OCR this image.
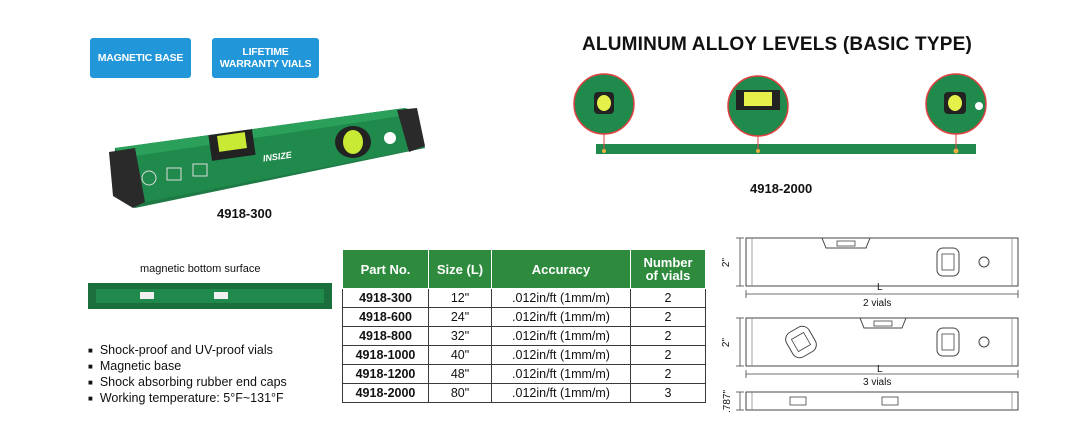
MAGNETIC BASE	LIFETIME
WARRANTY VIALS
ALUMINUM ALLOY LEVELS (BASIC TYPE)
INSIZE
4918-300
4918-2000
magnetic bottom surface	Part No.	Size (L)	Accuracy	Number
of vials

4918-300	12"	.012in/ft (1mm/m)	2
4918-600	24"	.012in/ft (1mm/m)	2
4918-800	32"	.012in/ft (1mm/m)	2
4918-1000	40"	.012in/ft (1mm/m)	2
4918-1200	48"	.012in/ft (1mm/m)	2
4918-2000	80"	.012in/ft (1mm/m)	3
■ Shock-proof and UV-proof vials
■ Magnetic base
■ Shock absorbing rubber end caps
■ Working temperature: 5°F~131°F
2"
L
2 vials
2"
L
3 vials
.787"
